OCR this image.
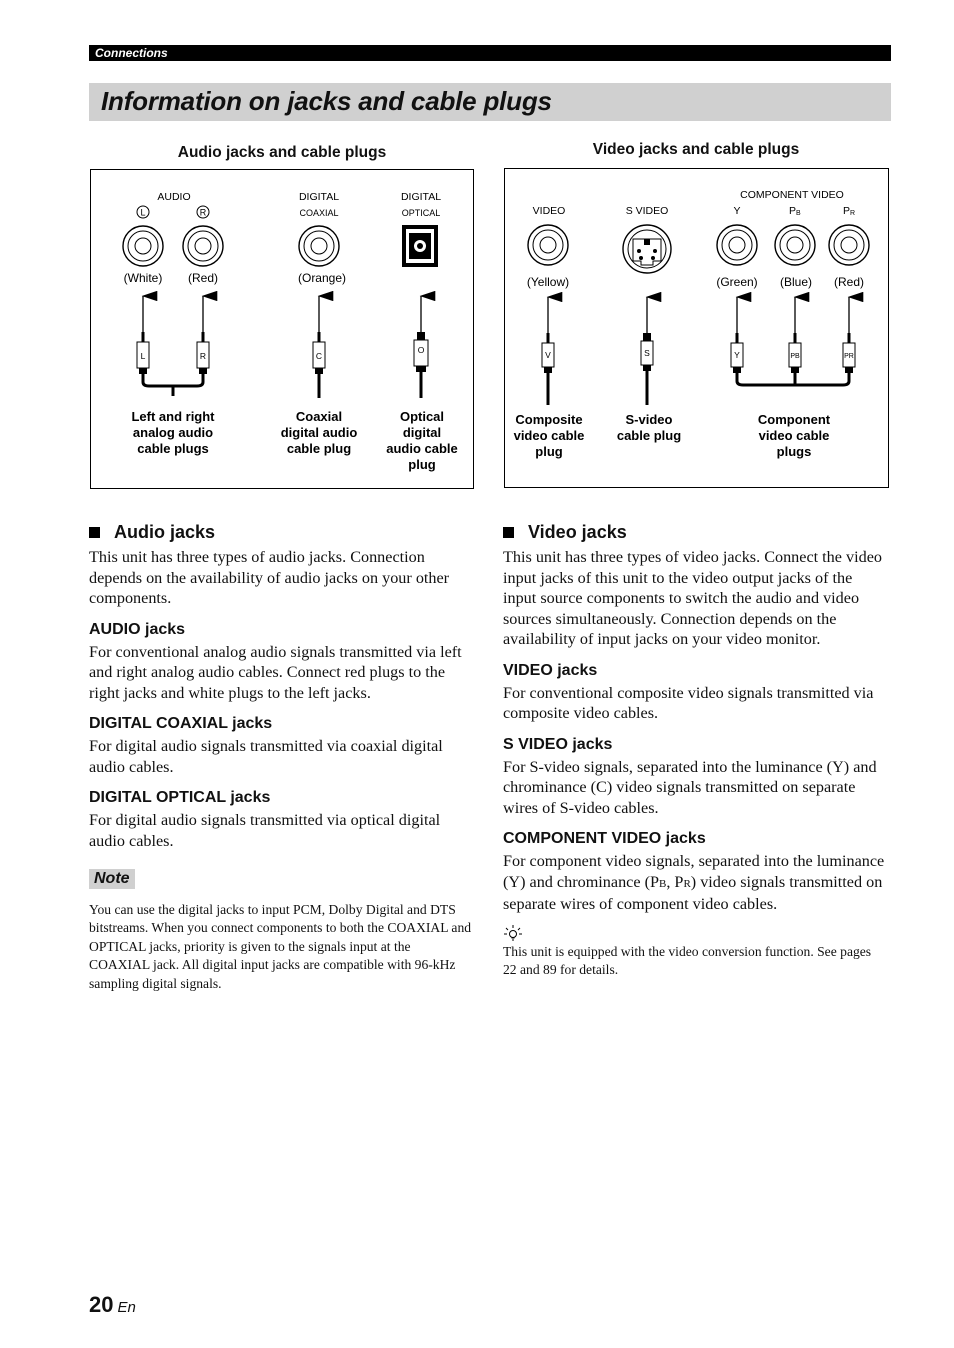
Connections
Information on jacks and cable plugs
Audio jacks and cable plugs
AUDIO
L	R
DIGITAL
COAXIAL
DIGITAL
OPTICAL
(White) (Red)	(Orange)
L	R	C
O
Left and right
analog audio
cable plugs
Coaxial
digital audio
cable plug
Optical
digital
audio cable
plug
Video jacks and cable plugs
VIDEO	S VIDEO
COMPONENT VIDEO
Y	PB	PR
(Yellow)	(Green) (Blue) (Red)
V	S	Y	PB	PR
Composite
video cable
plug
S-video
cable plug
Component
video cable
plugs
Audio jacks

This unit has three types of audio jacks. Connection depends on the availability of audio jacks on your other components.

AUDIO jacks

For conventional analog audio signals transmitted via left and right analog audio cables. Connect red plugs to the right jacks and white plugs to the left jacks.

DIGITAL COAXIAL jacks

For digital audio signals transmitted via coaxial digital audio cables.

DIGITAL OPTICAL jacks

For digital audio signals transmitted via optical digital audio cables.

Note

You can use the digital jacks to input PCM, Dolby Digital and DTS bitstreams. When you connect components to both the COAXIAL and OPTICAL jacks, priority is given to the signals input at the COAXIAL jack. All digital input jacks are compatible with 96-kHz sampling digital signals.

Video jacks

This unit has three types of video jacks. Connect the video input jacks of this unit to the video output jacks of the input source components to switch the audio and video sources simultaneously. Connection depends on the availability of input jacks on your video monitor.

VIDEO jacks

For conventional composite video signals transmitted via composite video cables.

S VIDEO jacks

For S-video signals, separated into the luminance (Y) and chrominance (C) video signals transmitted on separate wires of S-video cables.

COMPONENT VIDEO jacks

For component video signals, separated into the luminance (Y) and chrominance (PB, PR) video signals transmitted on separate wires of component video cables.

This unit is equipped with the video conversion function. See pages 22 and 89 for details.

20 En
